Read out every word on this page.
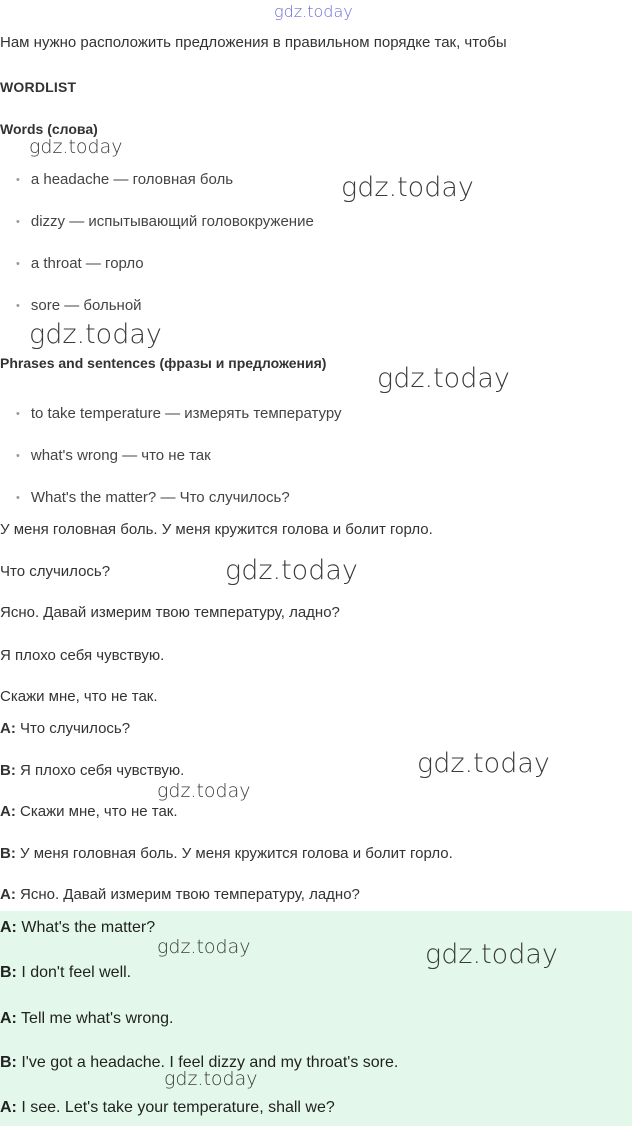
Нам нужно расположить предложения в правильном порядке так, чтобы
WORDLIST
Words (слова)
• a headache — головная боль
• dizzy — испытывающий головокружение
• a throat — горло
• sore — больной
Phrases and sentences (фразы и предложения)
• to take temperature — измерять температуру
• what's wrong — что не так
• What's the matter? — Что случилось?
У меня головная боль. У меня кружится голова и болит горло.
Что случилось?
Ясно. Давай измерим твою температуру, ладно?
Я плохо себя чувствую.
Скажи мне, что не так.
A: Что случилось?
B: Я плохо себя чувствую.
A: Скажи мне, что не так.
B: У меня головная боль. У меня кружится голова и болит горло.
A: Ясно. Давай измерим твою температуру, ладно?
A: What's the matter?
B: I don't feel well.
A: Tell me what's wrong.
B: I've got a headache. I feel dizzy and my throat's sore.
A: I see. Let's take your temperature, shall we?
gdz.today
gdz.today
gdz.today
gdz.today
gdz.today
gdz.today
gdz.today
gdz.today
gdz.today	gdz.today
gdz.today
